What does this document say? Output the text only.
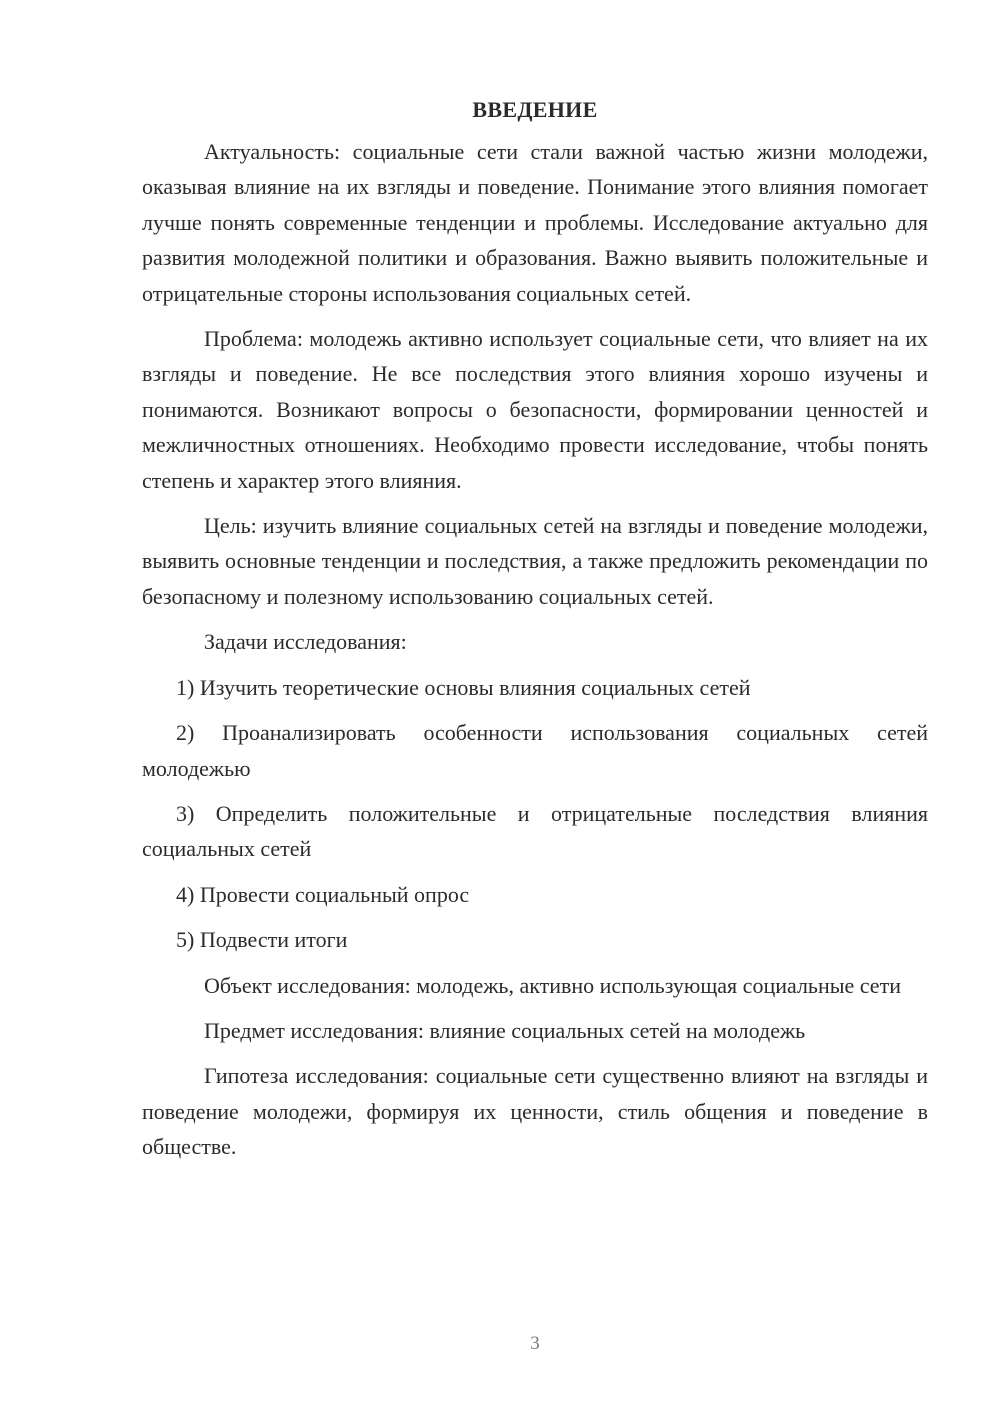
ВВЕДЕНИЕ

Актуальность: социальные сети стали важной частью жизни молодежи, оказывая влияние на их взгляды и поведение. Понимание этого влияния помогает лучше понять современные тенденции и проблемы. Исследование актуально для развития молодежной политики и образования. Важно выявить положительные и отрицательные стороны использования социальных сетей.

Проблема: молодежь активно использует социальные сети, что влияет на их взгляды и поведение. Не все последствия этого влияния хорошо изучены и понимаются. Возникают вопросы о безопасности, формировании ценностей и межличностных отношениях. Необходимо провести исследование, чтобы понять степень и характер этого влияния.

Цель: изучить влияние социальных сетей на взгляды и поведение молодежи, выявить основные тенденции и последствия, а также предложить рекомендации по безопасному и полезному использованию социальных сетей.

Задачи исследования:

1) Изучить теоретические основы влияния социальных сетей

2) Проанализировать особенности использования социальных сетей молодежью

3) Определить положительные и отрицательные последствия влияния социальных сетей

4) Провести социальный опрос

5) Подвести итоги

Объект исследования: молодежь, активно использующая социальные сети

Предмет исследования: влияние социальных сетей на молодежь

Гипотеза исследования: социальные сети существенно влияют на взгляды и поведение молодежи, формируя их ценности, стиль общения и поведение в обществе.

3
